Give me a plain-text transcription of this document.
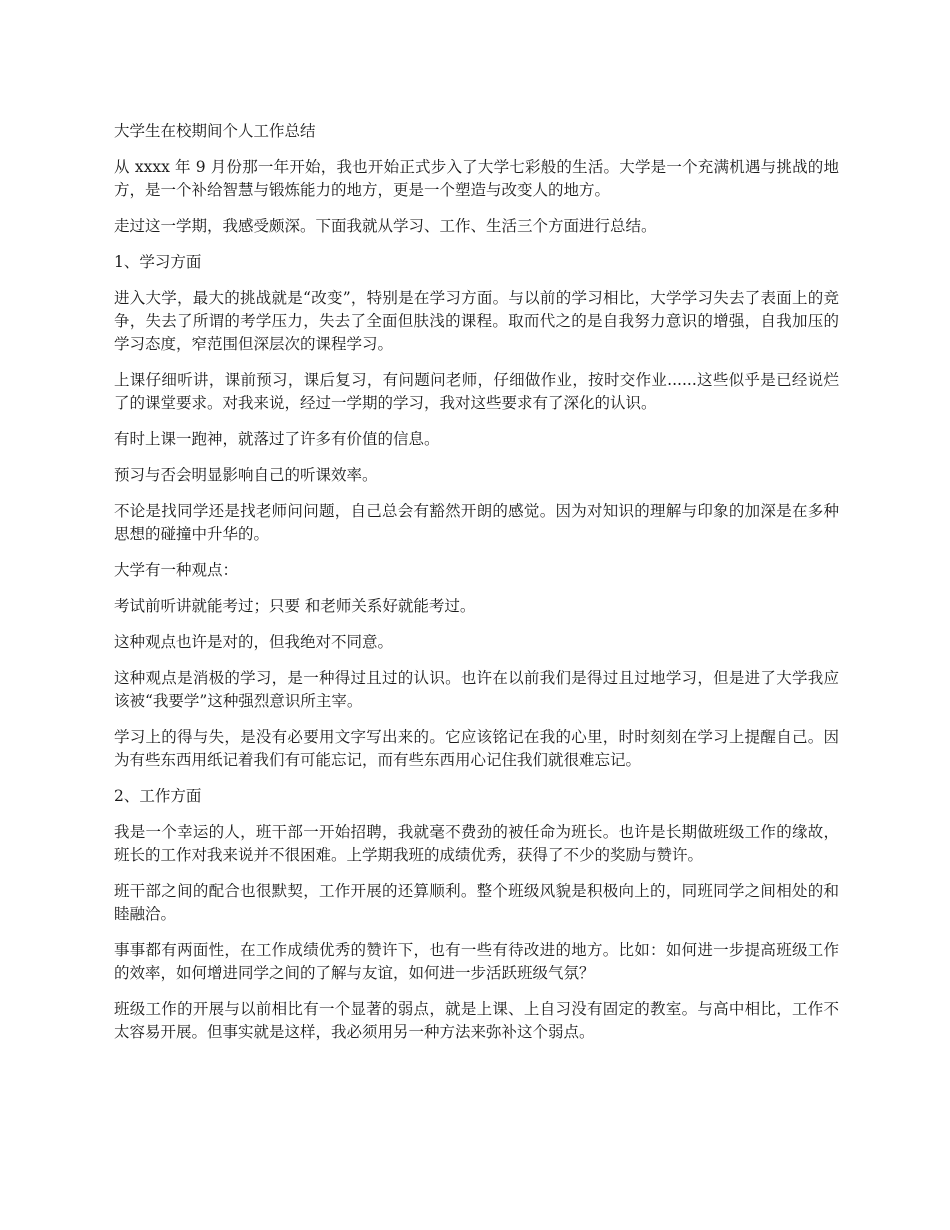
大学生在校期间个人工作总结

从 xxxx 年 9 月份那一年开始，我也开始正式步入了大学七彩般的生活。大学是一个充满机遇与挑战的地方，是一个补给智慧与锻炼能力的地方，更是一个塑造与改变人的地方。

走过这一学期，我感受颇深。下面我就从学习、工作、生活三个方面进行总结。

1、学习方面

进入大学，最大的挑战就是“改变”，特别是在学习方面。与以前的学习相比，大学学习失去了表面上的竞争，失去了所谓的考学压力，失去了全面但肤浅的课程。取而代之的是自我努力意识的增强，自我加压的学习态度，窄范围但深层次的课程学习。

上课仔细听讲，课前预习，课后复习，有问题问老师，仔细做作业，按时交作业......这些似乎是已经说烂了的课堂要求。对我来说，经过一学期的学习，我对这些要求有了深化的认识。

有时上课一跑神，就落过了许多有价值的信息。

预习与否会明显影响自己的听课效率。

不论是找同学还是找老师问问题，自己总会有豁然开朗的感觉。因为对知识的理解与印象的加深是在多种思想的碰撞中升华的。

大学有一种观点：

考试前听讲就能考过；只要 和老师关系好就能考过。

这种观点也许是对的，但我绝对不同意。

这种观点是消极的学习，是一种得过且过的认识。也许在以前我们是得过且过地学习，但是进了大学我应该被“我要学”这种强烈意识所主宰。

学习上的得与失，是没有必要用文字写出来的。它应该铭记在我的心里，时时刻刻在学习上提醒自己。因为有些东西用纸记着我们有可能忘记，而有些东西用心记住我们就很难忘记。

2、工作方面

我是一个幸运的人，班干部一开始招聘，我就毫不费劲的被任命为班长。也许是长期做班级工作的缘故，班长的工作对我来说并不很困难。上学期我班的成绩优秀，获得了不少的奖励与赞许。

班干部之间的配合也很默契，工作开展的还算顺利。整个班级风貌是积极向上的，同班同学之间相处的和睦融洽。

事事都有两面性，在工作成绩优秀的赞许下，也有一些有待改进的地方。比如：如何进一步提高班级工作的效率，如何增进同学之间的了解与友谊，如何进一步活跃班级气氛？

班级工作的开展与以前相比有一个显著的弱点，就是上课、上自习没有固定的教室。与高中相比，工作不太容易开展。但事实就是这样，我必须用另一种方法来弥补这个弱点。
